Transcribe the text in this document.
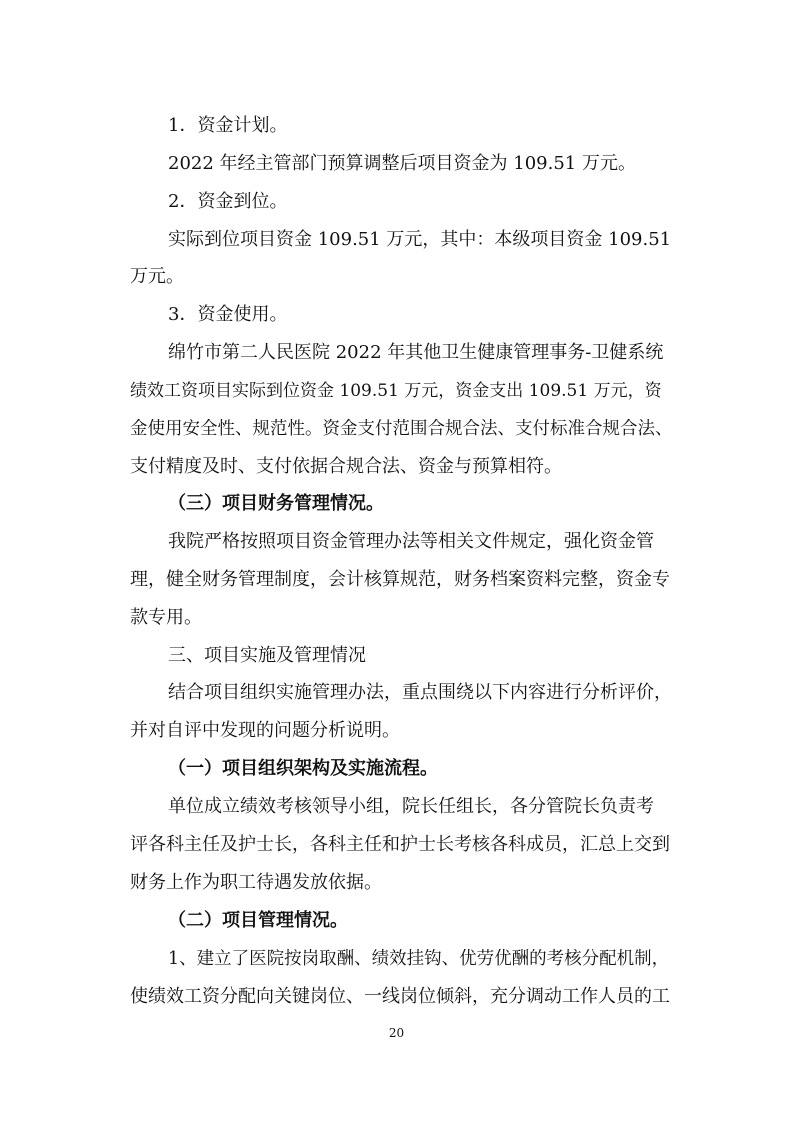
1．资金计划。

2022 年经主管部门预算调整后项目资金为 109.51 万元。

2．资金到位。

实际到位项目资金 109.51 万元，其中：本级项目资金 109.51

万元。

3．资金使用。

绵竹市第二人民医院 2022 年其他卫生健康管理事务-卫健系统

绩效工资项目实际到位资金 109.51 万元，资金支出 109.51 万元，资

金使用安全性、规范性。资金支付范围合规合法、支付标准合规合法、

支付精度及时、支付依据合规合法、资金与预算相符。

（三）项目财务管理情况。

我院严格按照项目资金管理办法等相关文件规定，强化资金管

理，健全财务管理制度，会计核算规范，财务档案资料完整，资金专

款专用。

三、项目实施及管理情况

结合项目组织实施管理办法，重点围绕以下内容进行分析评价，

并对自评中发现的问题分析说明。

（一）项目组织架构及实施流程。

单位成立绩效考核领导小组，院长任组长，各分管院长负责考

评各科主任及护士长，各科主任和护士长考核各科成员，汇总上交到

财务上作为职工待遇发放依据。

（二）项目管理情况。

1、建立了医院按岗取酬、绩效挂钩、优劳优酬的考核分配机制，

使绩效工资分配向关键岗位、一线岗位倾斜，充分调动工作人员的工

20
